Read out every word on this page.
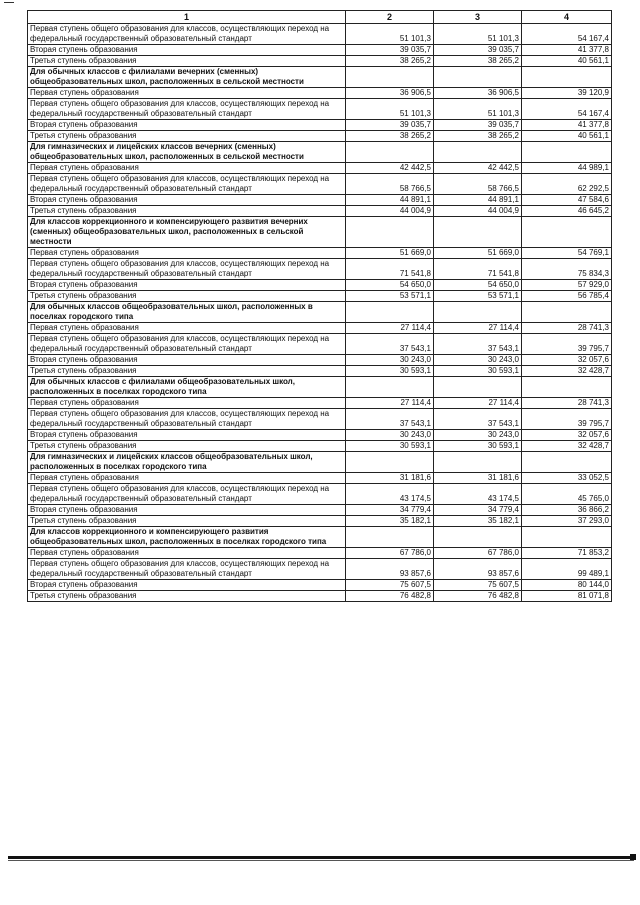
1	2	3	4
Первая ступень общего образования для классов, осуществляющих переход на федеральный государственный образовательный стандарт	51 101,3	51 101,3	54 167,4
Вторая ступень образования	39 035,7	39 035,7	41 377,8
Третья ступень образования	38 265,2	38 265,2	40 561,1
Для обычных классов с филиалами вечерних (сменных) общеобразовательных школ, расположенных в сельской местности			
Первая ступень образования	36 906,5	36 906,5	39 120,9
Первая ступень общего образования для классов, осуществляющих переход на федеральный государственный образовательный стандарт	51 101,3	51 101,3	54 167,4
Вторая ступень образования	39 035,7	39 035,7	41 377,8
Третья ступень образования	38 265,2	38 265,2	40 561,1
Для гимназических и лицейских классов вечерних (сменных) общеобразовательных школ, расположенных в сельской местности			
Первая ступень образования	42 442,5	42 442,5	44 989,1
Первая ступень общего образования для классов, осуществляющих переход на федеральный государственный образовательный стандарт	58 766,5	58 766,5	62 292,5
Вторая ступень образования	44 891,1	44 891,1	47 584,6
Третья ступень образования	44 004,9	44 004,9	46 645,2
Для классов коррекционного и компенсирующего развития вечерних (сменных) общеобразовательных школ, расположенных в сельской местности			
Первая ступень образования	51 669,0	51 669,0	54 769,1
Первая ступень общего образования для классов, осуществляющих переход на федеральный государственный образовательный стандарт	71 541,8	71 541,8	75 834,3
Вторая ступень образования	54 650,0	54 650,0	57 929,0
Третья ступень образования	53 571,1	53 571,1	56 785,4
Для обычных классов общеобразовательных школ, расположенных в поселках городского типа			
Первая ступень образования	27 114,4	27 114,4	28 741,3
Первая ступень общего образования для классов, осуществляющих переход на федеральный государственный образовательный стандарт	37 543,1	37 543,1	39 795,7
Вторая ступень образования	30 243,0	30 243,0	32 057,6
Третья ступень образования	30 593,1	30 593,1	32 428,7
Для обычных классов с филиалами общеобразовательных школ, расположенных в поселках городского типа			
Первая ступень образования	27 114,4	27 114,4	28 741,3
Первая ступень общего образования для классов, осуществляющих переход на федеральный государственный образовательный стандарт	37 543,1	37 543,1	39 795,7
Вторая ступень образования	30 243,0	30 243,0	32 057,6
Третья ступень образования	30 593,1	30 593,1	32 428,7
Для гимназических и лицейских классов общеобразовательных школ, расположенных в поселках городского типа			
Первая ступень образования	31 181,6	31 181,6	33 052,5
Первая ступень общего образования для классов, осуществляющих переход на федеральный государственный образовательный стандарт	43 174,5	43 174,5	45 765,0
Вторая ступень образования	34 779,4	34 779,4	36 866,2
Третья ступень образования	35 182,1	35 182,1	37 293,0
Для классов коррекционного и компенсирующего развития общеобразовательных школ, расположенных в поселках городского типа			
Первая ступень образования	67 786,0	67 786,0	71 853,2
Первая ступень общего образования для классов, осуществляющих переход на федеральный государственный образовательный стандарт	93 857,6	93 857,6	99 489,1
Вторая ступень образования	75 607,5	75 607,5	80 144,0
Третья ступень образования	76 482,8	76 482,8	81 071,8
